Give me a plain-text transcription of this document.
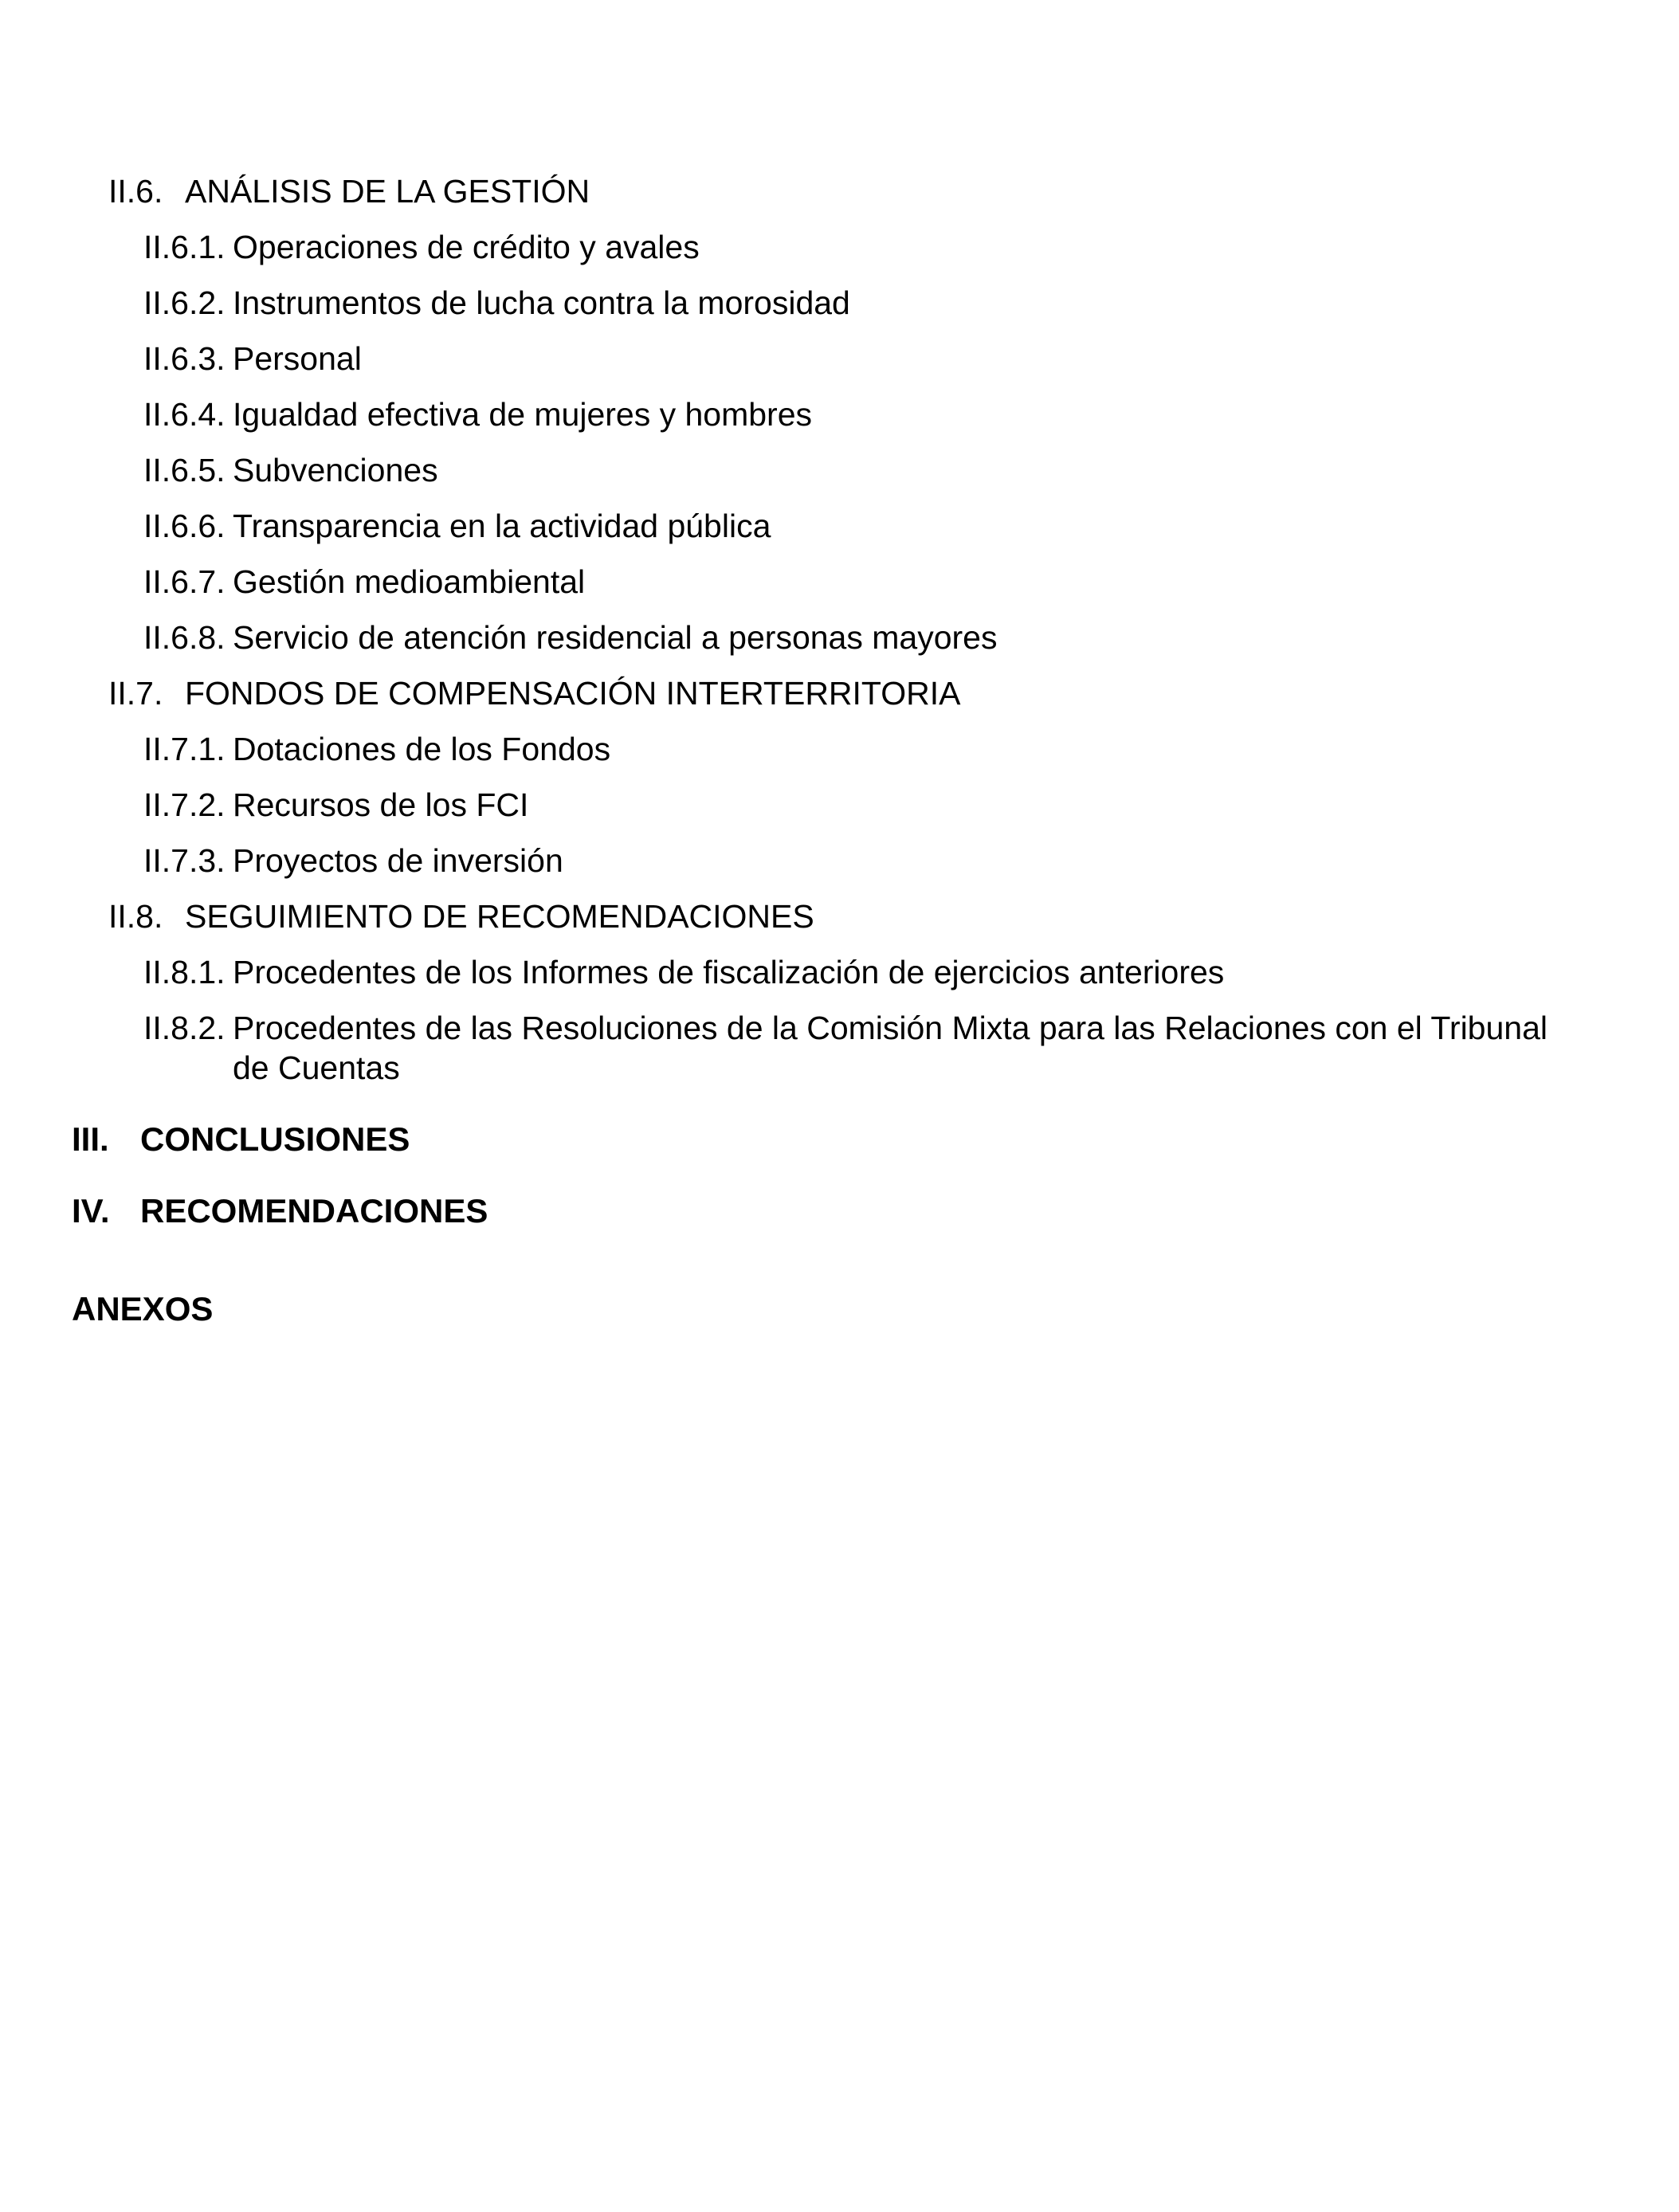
II.6. ANÁLISIS DE LA GESTIÓN
II.6.1. Operaciones de crédito y avales
II.6.2. Instrumentos de lucha contra la morosidad
II.6.3. Personal
II.6.4. Igualdad efectiva de mujeres y hombres
II.6.5. Subvenciones
II.6.6. Transparencia en la actividad pública
II.6.7. Gestión medioambiental
II.6.8. Servicio de atención residencial a personas mayores
II.7. FONDOS DE COMPENSACIÓN INTERTERRITORIA
II.7.1. Dotaciones de los Fondos
II.7.2. Recursos de los FCI
II.7.3. Proyectos de inversión
II.8. SEGUIMIENTO DE RECOMENDACIONES
II.8.1. Procedentes de los Informes de fiscalización de ejercicios anteriores
II.8.2. Procedentes de las Resoluciones de la Comisión Mixta para las Relaciones con el Tribunal de Cuentas
III. CONCLUSIONES
IV. RECOMENDACIONES
ANEXOS
